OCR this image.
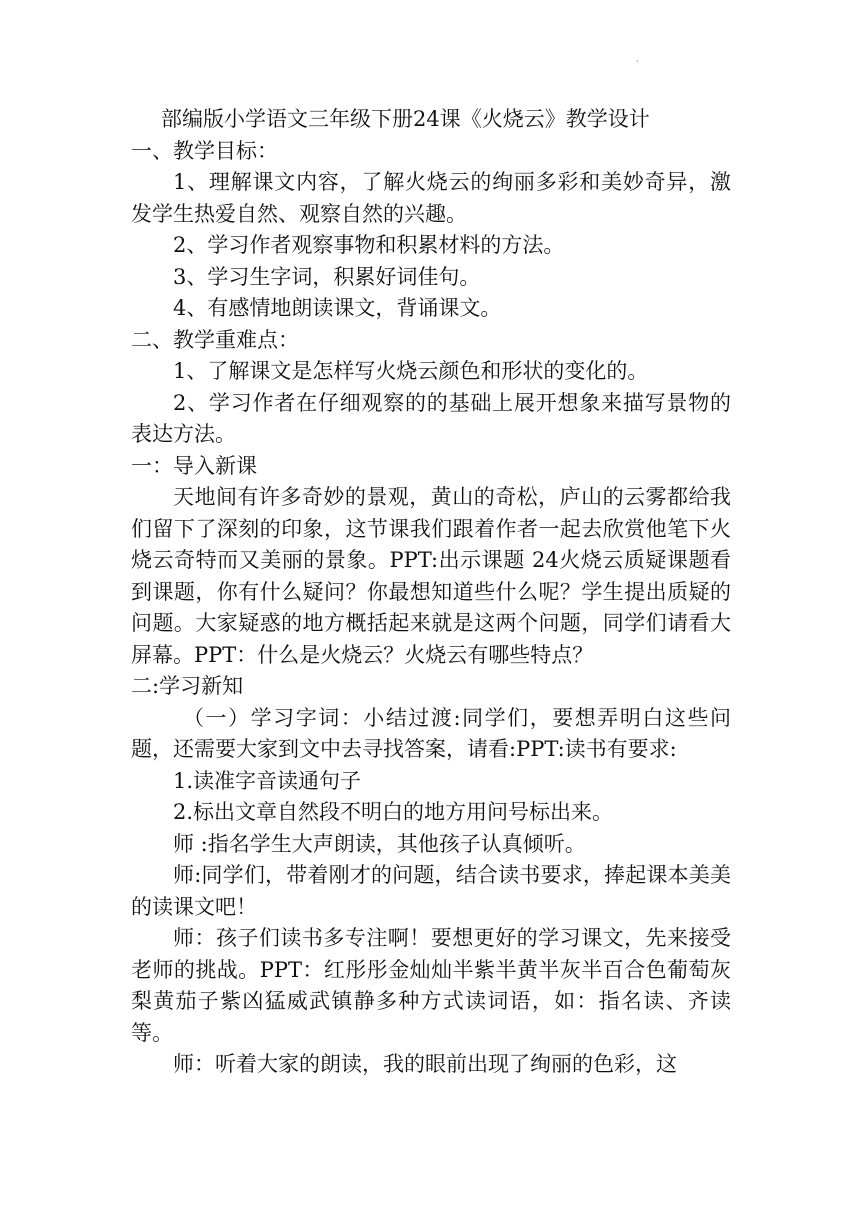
·

部编版小学语文三年级下册24课《火烧云》教学设计

一、教学目标：

1、理解课文内容，了解火烧云的绚丽多彩和美妙奇异，激发学生热爱自然、观察自然的兴趣。

2、学习作者观察事物和积累材料的方法。

3、学习生字词，积累好词佳句。

4、有感情地朗读课文，背诵课文。

二、教学重难点：

1、了解课文是怎样写火烧云颜色和形状的变化的。

2、学习作者在仔细观察的的基础上展开想象来描写景物的表达方法。

一：导入新课

天地间有许多奇妙的景观，黄山的奇松，庐山的云雾都给我们留下了深刻的印象，这节课我们跟着作者一起去欣赏他笔下火烧云奇特而又美丽的景象。PPT:出示课题 24火烧云质疑课题看到课题，你有什么疑问？你最想知道些什么呢？学生提出质疑的问题。大家疑惑的地方概括起来就是这两个问题，同学们请看大屏幕。PPT：什么是火烧云？火烧云有哪些特点？

二:学习新知

（一）学习字词：小结过渡:同学们，要想弄明白这些问题，还需要大家到文中去寻找答案，请看:PPT:读书有要求:

1.读准字音读通句子

2.标出文章自然段不明白的地方用问号标出来。

师 :指名学生大声朗读，其他孩子认真倾听。

师:同学们，带着刚才的问题，结合读书要求，捧起课本美美的读课文吧！

师：孩子们读书多专注啊！要想更好的学习课文，先来接受老师的挑战。PPT：红彤彤金灿灿半紫半黄半灰半百合色葡萄灰梨黄茄子紫凶猛威武镇静多种方式读词语，如：指名读、齐读等。

师：听着大家的朗读，我的眼前出现了绚丽的色彩，这
